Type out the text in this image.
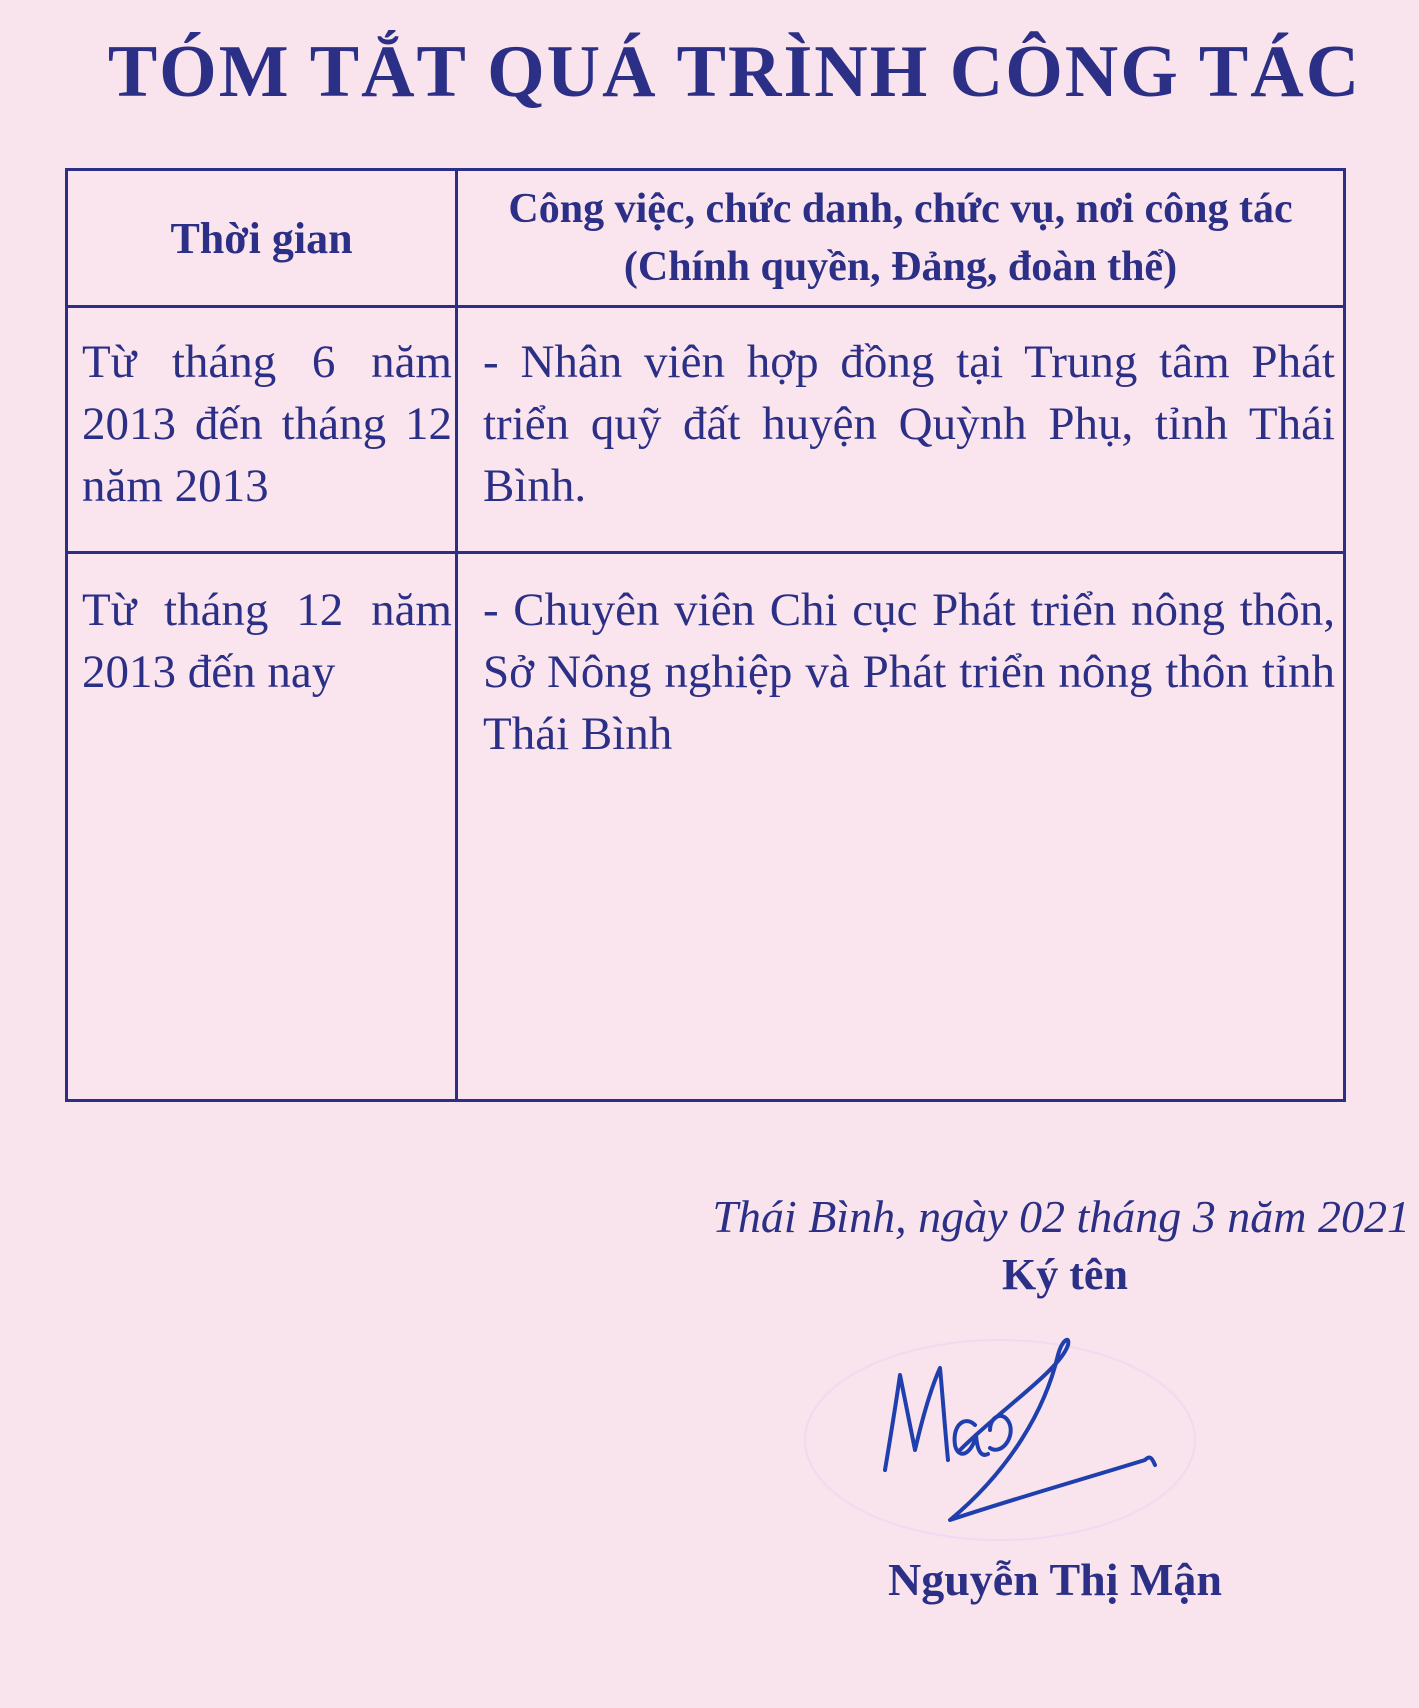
TÓM TẮT QUÁ TRÌNH CÔNG TÁC
Thời gian
Công việc, chức danh, chức vụ, nơi công tác
(Chính quyền, Đảng, đoàn thể)
Từ tháng 6 năm 2013 đến tháng 12 năm 2013
- Nhân viên hợp đồng tại Trung tâm Phát triển quỹ đất huyện Quỳnh Phụ, tỉnh Thái Bình.
Từ tháng 12 năm 2013 đến nay
- Chuyên viên Chi cục Phát triển nông thôn, Sở Nông nghiệp và Phát triển nông thôn tỉnh Thái Bình
Thái Bình, ngày 02 tháng 3 năm 2021
Ký tên
Nguyễn Thị Mận
